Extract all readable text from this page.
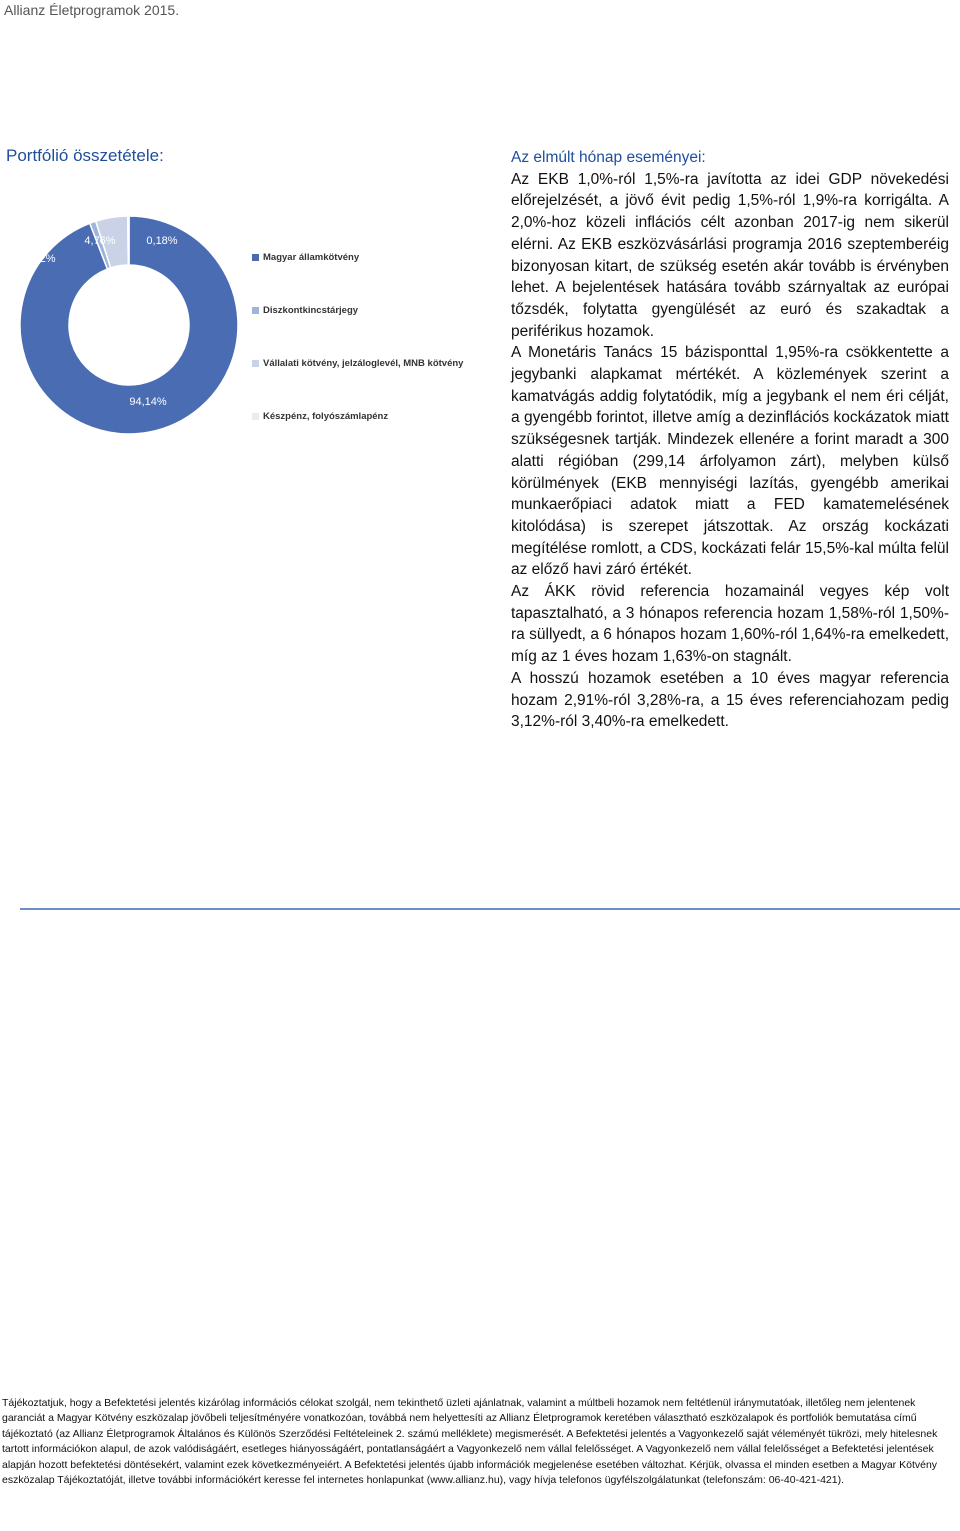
Allianz Életprogramok 2015.
Portfólió összetétele:
94,14%
0,92%
4,76%	0,18%
Magyar államkötvény
Diszkontkincstárjegy
Vállalati kötvény, jelzáloglevél, MNB kötvény
Készpénz, folyószámlapénz
Az elmúlt hónap eseményei:

Az EKB 1,0%-ról 1,5%-ra javította az idei GDP növekedési előrejelzését, a jövő évit pedig 1,5%-ról 1,9%-ra korrigálta. A 2,0%-hoz közeli inflációs célt azonban 2017-ig nem sikerül elérni. Az EKB eszközvásárlási programja 2016 szeptemberéig bizonyosan kitart, de szükség esetén akár tovább is érvényben lehet. A bejelentések hatására tovább szárnyaltak az európai tőzsdék, folytatta gyengülését az euró és szakadtak a periférikus hozamok.

A Monetáris Tanács 15 bázisponttal 1,95%-ra csökkentette a jegybanki alapkamat mértékét. A közlemények szerint a kamatvágás addig folytatódik, míg a jegybank el nem éri célját, a gyengébb forintot, illetve amíg a dezinflációs kockázatok miatt szükségesnek tartják. Mindezek ellenére a forint maradt a 300 alatti régióban (299,14 árfolyamon zárt), melyben külső körülmények (EKB mennyiségi lazítás, gyengébb amerikai munkaerőpiaci adatok miatt a FED kamatemelésének kitolódása) is szerepet játszottak. Az ország kockázati megítélése romlott, a CDS, kockázati felár 15,5%-kal múlta felül az előző havi záró értékét.

Az ÁKK rövid referencia hozamainál vegyes kép volt tapasztalható, a 3 hónapos referencia hozam 1,58%-ról 1,50%-ra süllyedt, a 6 hónapos hozam 1,60%-ról 1,64%-ra emelkedett, míg az 1 éves hozam 1,63%-on stagnált.

A hosszú hozamok esetében a 10 éves magyar referencia hozam 2,91%-ról 3,28%-ra, a 15 éves referenciahozam pedig 3,12%-ról 3,40%-ra emelkedett.

Tájékoztatjuk, hogy a Befektetési jelentés kizárólag információs célokat szolgál, nem tekinthető üzleti ajánlatnak, valamint a múltbeli hozamok nem feltétlenül iránymutatóak, illetőleg nem jelentenek garanciát a Magyar Kötvény eszközalap jövőbeli teljesítményére vonatkozóan, továbbá nem helyettesíti az Allianz Életprogramok keretében választható eszközalapok és portfoliók bemutatása című tájékoztató (az Allianz Életprogramok Általános és Különös Szerződési Feltételeinek 2. számú melléklete) megismerését. A Befektetési jelentés a Vagyonkezelő saját véleményét tükrözi, mely hitelesnek tartott információkon alapul, de azok valódiságáért, esetleges hiányosságáért, pontatlanságáért a Vagyonkezelő nem vállal felelősséget. A Vagyonkezelő nem vállal felelősséget a Befektetési jelentések alapján hozott befektetési döntésekért, valamint ezek következményeiért. A Befektetési jelentés újabb információk megjelenése esetében változhat. Kérjük, olvassa el minden esetben a Magyar Kötvény eszközalap Tájékoztatóját, illetve további információkért keresse fel internetes honlapunkat (www.allianz.hu), vagy hívja telefonos ügyfélszolgálatunkat (telefonszám: 06-40-421-421).
